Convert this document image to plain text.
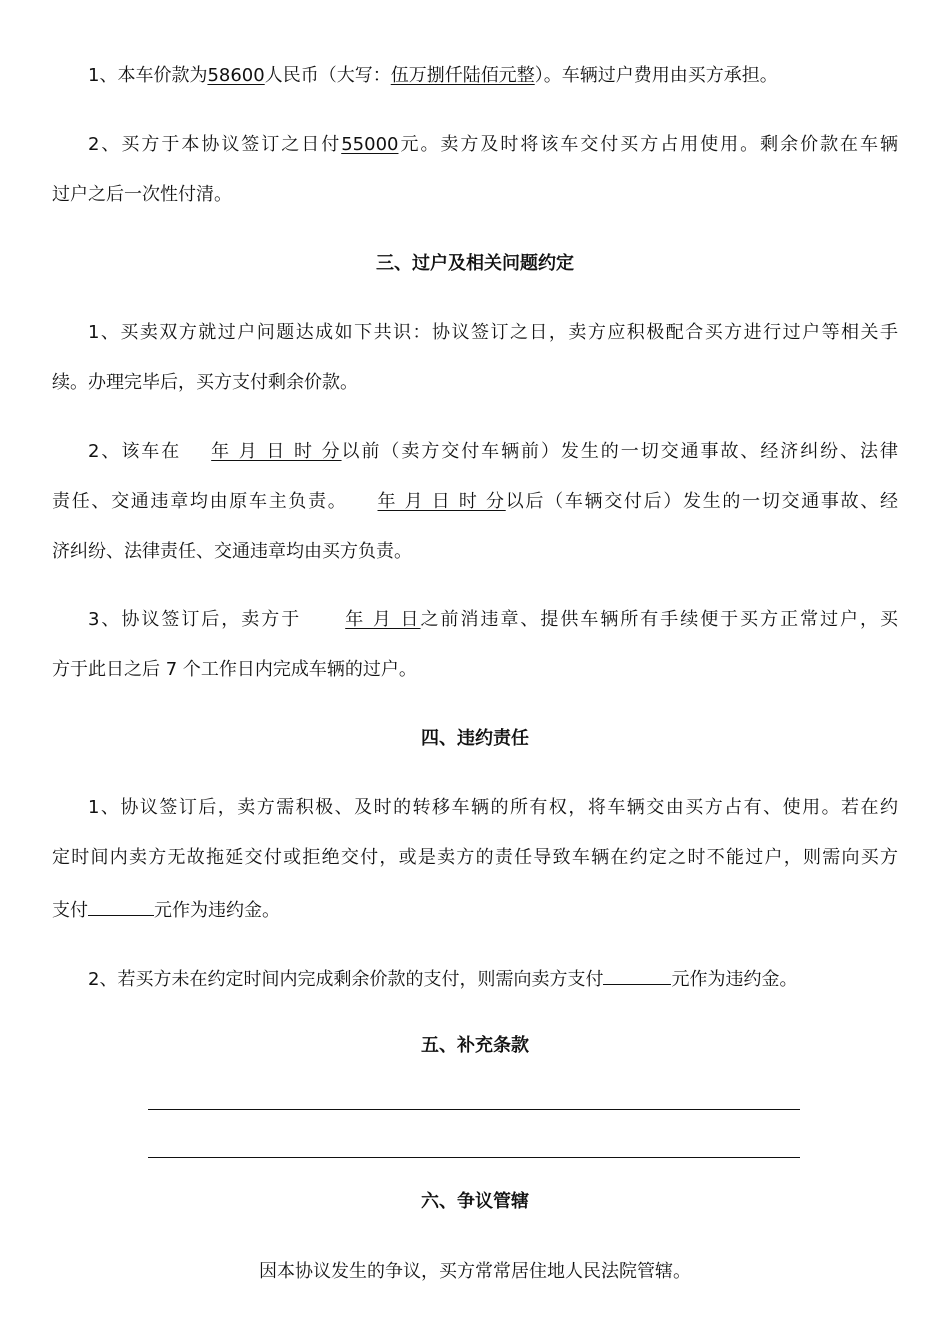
1、本车价款为58600人民币（大写：伍万捌仟陆佰元整）。车辆过户费用由买方承担。
2、买方于本协议签订之日付55000元。卖方及时将该车交付买方占用使用。剩余价款在车辆
过户之后一次性付清。
三、过户及相关问题约定
1、买卖双方就过户问题达成如下共识：协议签订之日，卖方应积极配合买方进行过户等相关手
续。办理完毕后，买方支付剩余价款。
2、该车在 年 月 日 时 分以前（卖方交付车辆前）发生的一切交通事故、经济纠纷、法律
责任、交通违章均由原车主负责。 年 月 日 时 分以后（车辆交付后）发生的一切交通事故、经
济纠纷、法律责任、交通违章均由买方负责。
3、协议签订后，卖方于 年 月 日之前消违章、提供车辆所有手续便于买方正常过户，买
方于此日之后 7 个工作日内完成车辆的过户。
四、违约责任
1、协议签订后，卖方需积极、及时的转移车辆的所有权，将车辆交由买方占有、使用。若在约
定时间内卖方无故拖延交付或拒绝交付，或是卖方的责任导致车辆在约定之时不能过户，则需向买方
支付	元作为违约金。
2、若买方未在约定时间内完成剩余价款的支付，则需向卖方支付	元作为违约金。
五、补充条款
六、争议管辖
因本协议发生的争议，买方常常居住地人民法院管辖。
